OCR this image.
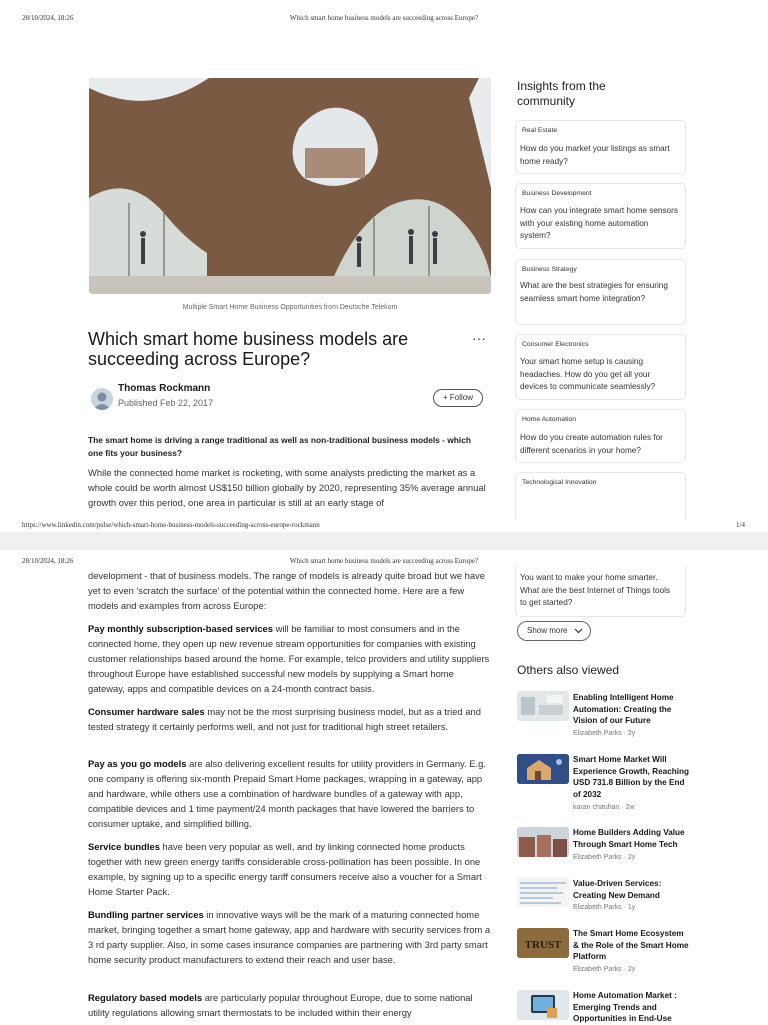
28/10/2024, 18:26	Which smart home business models are succeeding across Europe?
Multiple Smart Home Business Opportunities from Deutsche Telekom
Which smart home business models are succeeding across Europe?
···
Thomas Rockmann
Published Feb 22, 2017
+ Follow
The smart home is driving a range traditional as well as non-traditional business models - which one fits your business?
While the connected home market is rocketing, with some analysts predicting the market as a whole could be worth almost US$150 billion globally by 2020, representing 35% average annual growth over this period, one area in particular is still at an early stage of
Insights from the community
Real Estate
How do you market your listings as smart home ready?
Business Development
How can you integrate smart home sensors with your existing home automation system?
Business Strategy
What are the best strategies for ensuring seamless smart home integration?
Consumer Electronics
Your smart home setup is causing headaches. How do you get all your devices to communicate seamlessly?
Home Automation
How do you create automation rules for different scenarios in your home?
Technological Innovation
https://www.linkedin.com/pulse/which-smart-home-business-models-succeeding-across-europe-rockmann	1/4
28/10/2024, 18:26	Which smart home business models are succeeding across Europe?
development - that of business models. The range of models is already quite broad but we have yet to even 'scratch the surface' of the potential within the connected home. Here are a few models and examples from across Europe:
Pay monthly subscription-based services will be familiar to most consumers and in the connected home, they open up new revenue stream opportunities for companies with existing customer relationships based around the home. For example, telco providers and utility suppliers throughout Europe have established successful new models by supplying a Smart home gateway, apps and compatible devices on a 24-month contract basis.
Consumer hardware sales may not be the most surprising business model, but as a tried and tested strategy it certainly performs well, and not just for traditional high street retailers.
Pay as you go models are also delivering excellent results for utility providers in Germany. E.g. one company is offering six-month Prepaid Smart Home packages, wrapping in a gateway, app and hardware, while others use a combination of hardware bundles of a gateway with app, compatible devices and 1 time payment/24 month packages that have lowered the barriers to consumer uptake, and simplified billing.
Service bundles have been very popular as well, and by linking connected home products together with new green energy tariffs considerable cross-pollination has been possible. In one example, by signing up to a specific energy tariff consumers receive also a voucher for a Smart Home Starter Pack.
Bundling partner services in innovative ways will be the mark of a maturing connected home market, bringing together a smart home gateway, app and hardware with security services from a 3 rd party supplier. Also, in some cases insurance companies are partnering with 3rd party smart home security product manufacturers to extend their reach and user base.
Regulatory based models are particularly popular throughout Europe, due to some national utility regulations allowing smart thermostats to be included within their energy
You want to make your home smarter. What are the best Internet of Things tools to get started?
Show more
Others also viewed
Enabling Intelligent Home Automation: Creating the Vision of our Future
Elizabeth Parks · 2y
Smart Home Market Will Experience Growth, Reaching USD 731.8 Billion by the End of 2032
karan chauhan · 2w
Home Builders Adding Value Through Smart Home Tech
Elizabeth Parks · 2y
Value-Driven Services: Creating New Demand
Elizabeth Parks · 1y
TRUST
The Smart Home Ecosystem & the Role of the Smart Home Platform
Elizabeth Parks · 2y
Home Automation Market : Emerging Trends and Opportunities in End-Use
